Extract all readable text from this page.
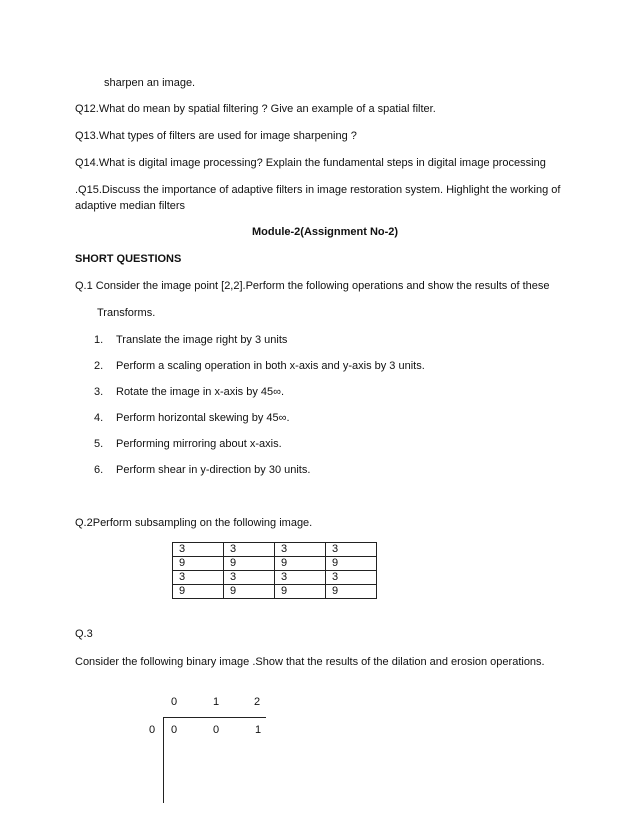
sharpen an image.
Q12.What do mean by spatial filtering ? Give an example of a spatial filter.
Q13.What types of filters are used for image sharpening ?
Q14.What is digital image processing? Explain the fundamental steps in digital image processing
.Q15.Discuss the importance of adaptive filters in image restoration system. Highlight the working of
adaptive median filters
Module-2(Assignment No-2)
SHORT QUESTIONS
Q.1 Consider the image point [2,2].Perform the following operations and show the results of these
Transforms.
1. Translate the image right by 3 units
2. Perform a scaling operation in both x-axis and y-axis by 3 units.
3. Rotate the image in x-axis by 45∞.
4. Perform horizontal skewing by 45∞.
5. Performing mirroring about x-axis.
6. Perform shear in y-direction by 30 units.
Q.2Perform subsampling on the following image.
3	3	3	3
9	9	9	9
3	3	3	3
9	9	9	9
Q.3
Consider the following binary image .Show that the results of the dilation and erosion operations.
0	1	2
0 0	0	1
